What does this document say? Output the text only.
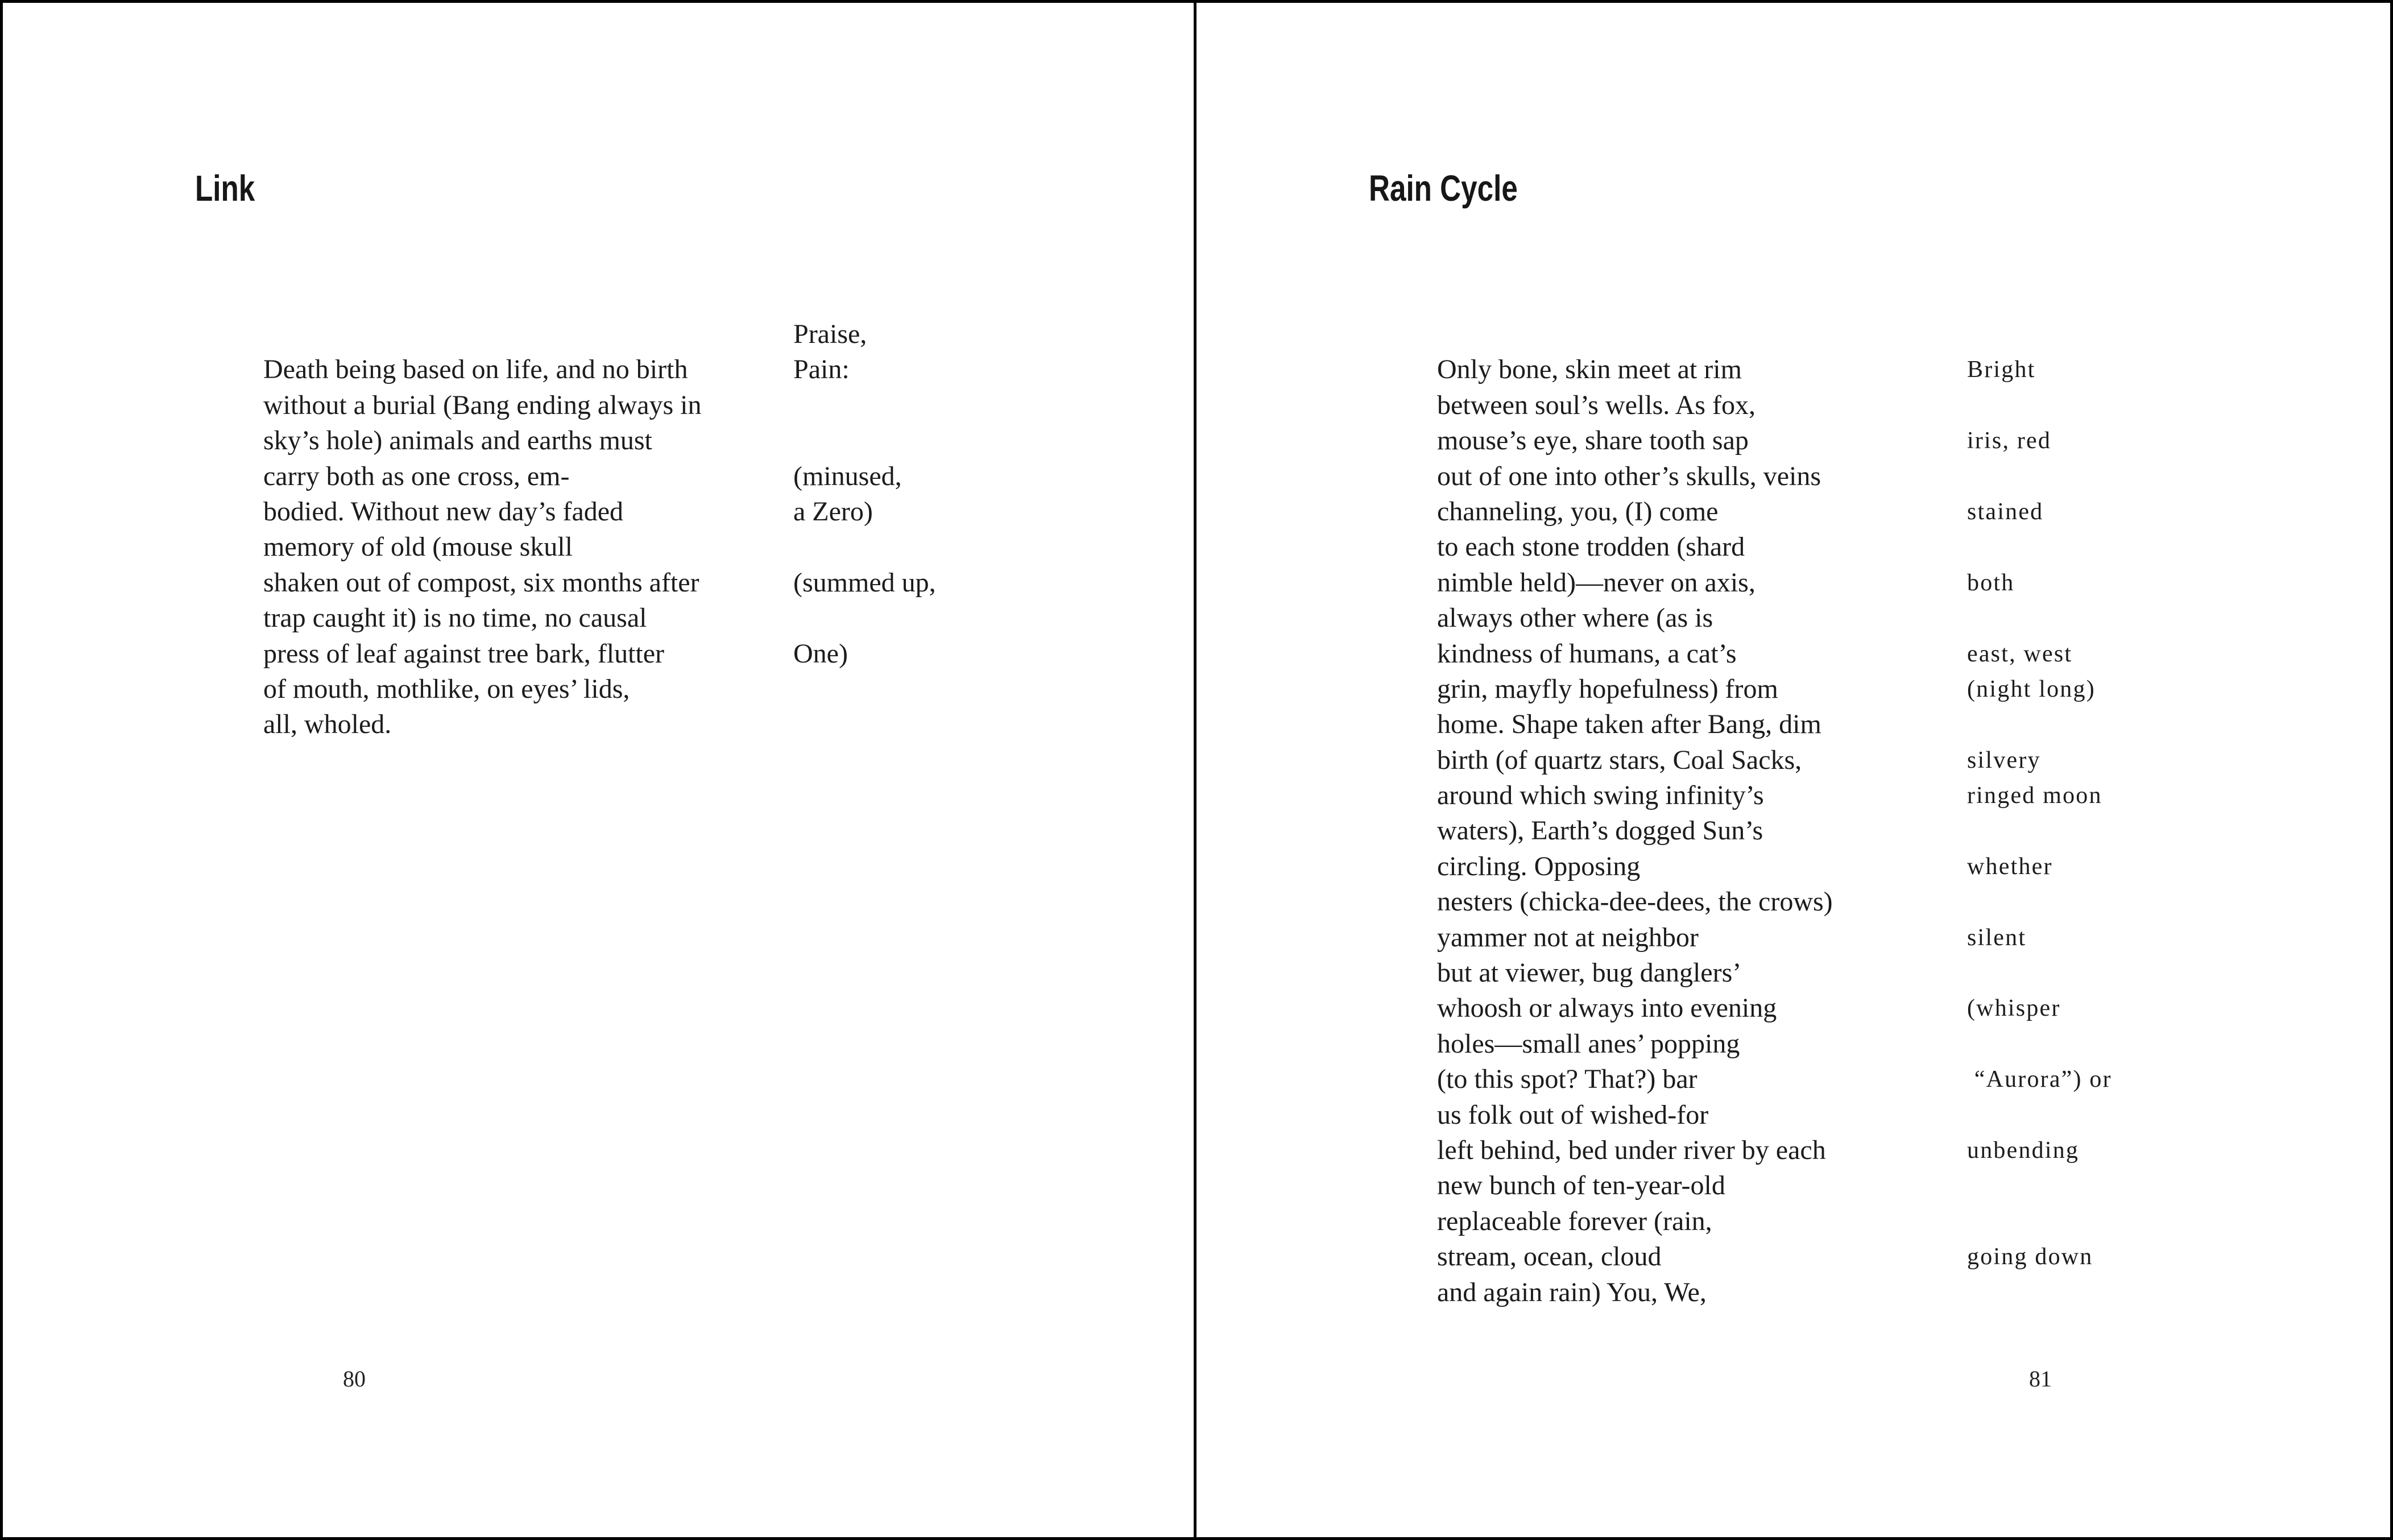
Link

Death being based on life, and no birth

Praise,

without a burial (Bang ending always in

Pain:

sky’s hole) animals and earths must

carry both as one cross, em-

bodied. Without new day’s faded

(minused,

memory of old (mouse skull

a Zero)

shaken out of compost, six months after

trap caught it) is no time, no causal

(summed up,

press of leaf against tree bark, flutter

of mouth, mothlike, on eyes’ lids,

One)

all, wholed.

80
Rain Cycle

Only bone, skin meet at rim

between soul’s wells. As fox,

Bright

mouse’s eye, share tooth sap

out of one into other’s skulls, veins

iris, red

channeling, you, (I) come

to each stone trodden (shard

stained

nimble held)—never on axis,

always other where (as is

both

kindness of humans, a cat’s

grin, mayfly hopefulness) from

east, west

home. Shape taken after Bang, dim

(night long)

birth (of quartz stars, Coal Sacks,

around which swing infinity’s

silvery

waters), Earth’s dogged Sun’s

ringed moon

circling. Opposing

nesters (chicka-dee-dees, the crows)

whether

yammer not at neighbor

but at viewer, bug danglers’

silent

whoosh or always into evening

holes—small anes’ popping

(whisper

(to this spot? That?) bar

us folk out of wished-for

“Aurora”) or

left behind, bed under river by each

new bunch of ten-year-old

unbending

replaceable forever (rain,

stream, ocean, cloud

and again rain) You, We,

going down

81
